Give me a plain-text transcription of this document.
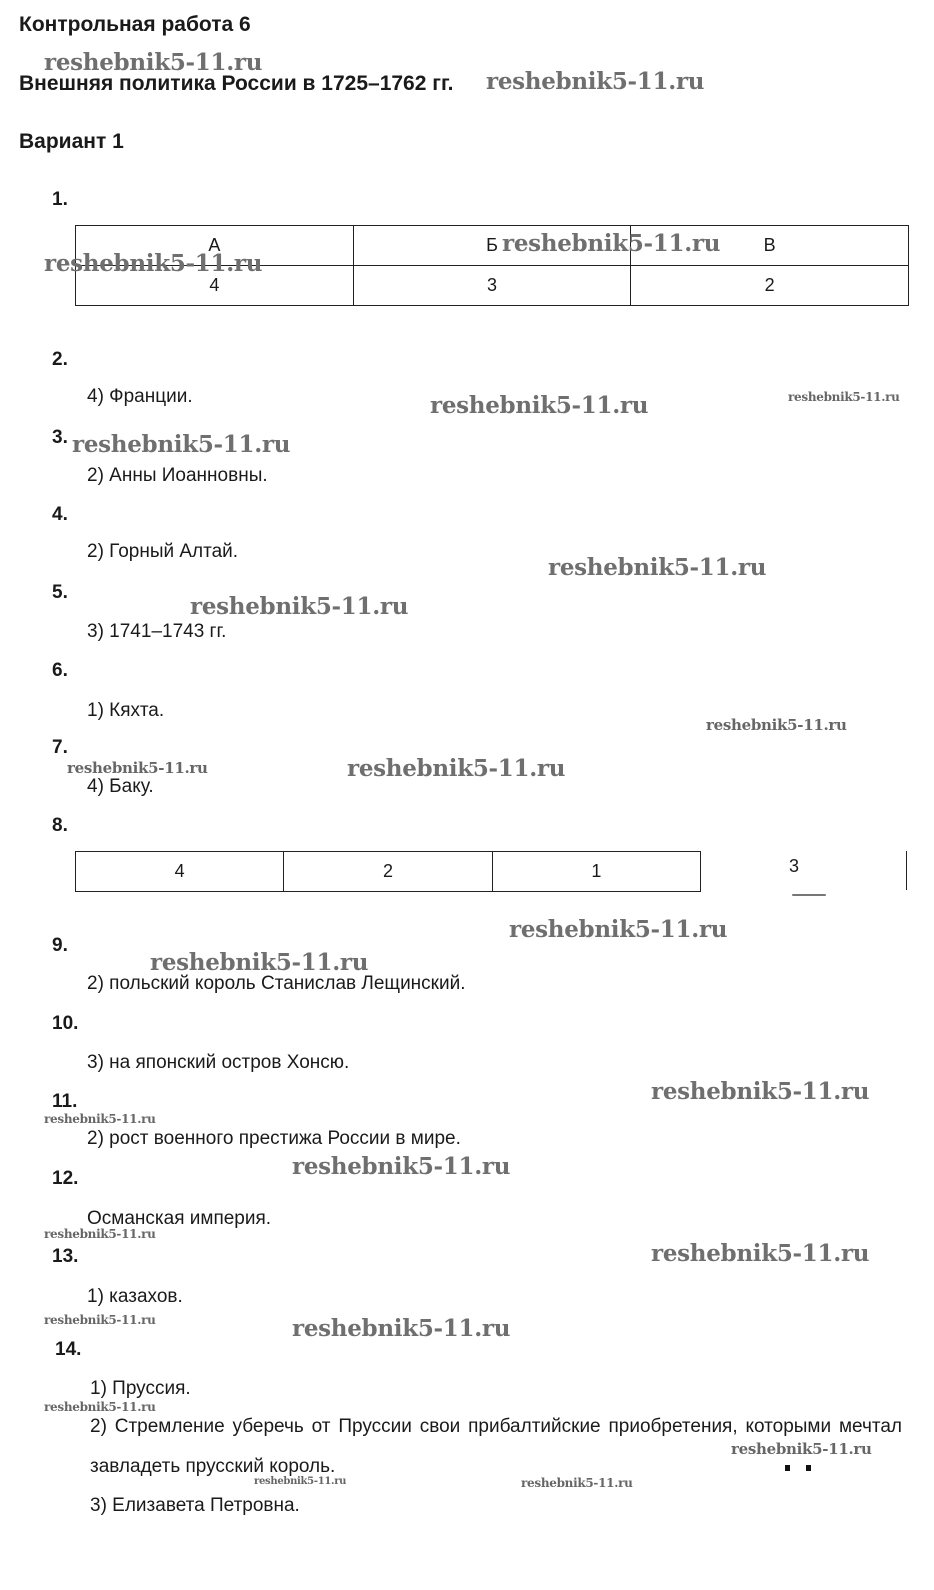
Контрольная работа 6
Внешняя политика России в 1725–1762 гг.
Вариант 1
1.
А	Б	В
4	3	2
2.
4) Франции.
3.
2) Анны Иоанновны.
4.
2) Горный Алтай.
5.
3) 1741–1743 гг.
6.
1) Кяхта.
7.
4) Баку.
8.
4	2	1	3
9.
2) польский король Станислав Лещинский.
10.
3) на японский остров Хонсю.
11.
2) рост военного престижа России в мире.
12.
Османская империя.
13.
1) казахов.
14.
1) Пруссия.
2) Стремление уберечь от Пруссии свои прибалтийские приобретения, которыми мечтал завладеть прусский король.
3) Елизавета Петровна.
reshebnik5-11.ru
reshebnik5-11.ru
reshebnik5-11.ru
reshebnik5-11.ru
reshebnik5-11.ru	reshebnik5-11.ru
reshebnik5-11.ru
reshebnik5-11.ru
reshebnik5-11.ru
reshebnik5-11.ru
reshebnik5-11.ru
reshebnik5-11.ru
reshebnik5-11.ru
reshebnik5-11.ru
reshebnik5-11.ru
reshebnik5-11.ru
reshebnik5-11.ru
reshebnik5-11.ru
reshebnik5-11.ru
reshebnik5-11.ru	reshebnik5-11.ru
reshebnik5-11.ru
reshebnik5-11.ru
reshebnik5-11.ru	reshebnik5-11.ru
